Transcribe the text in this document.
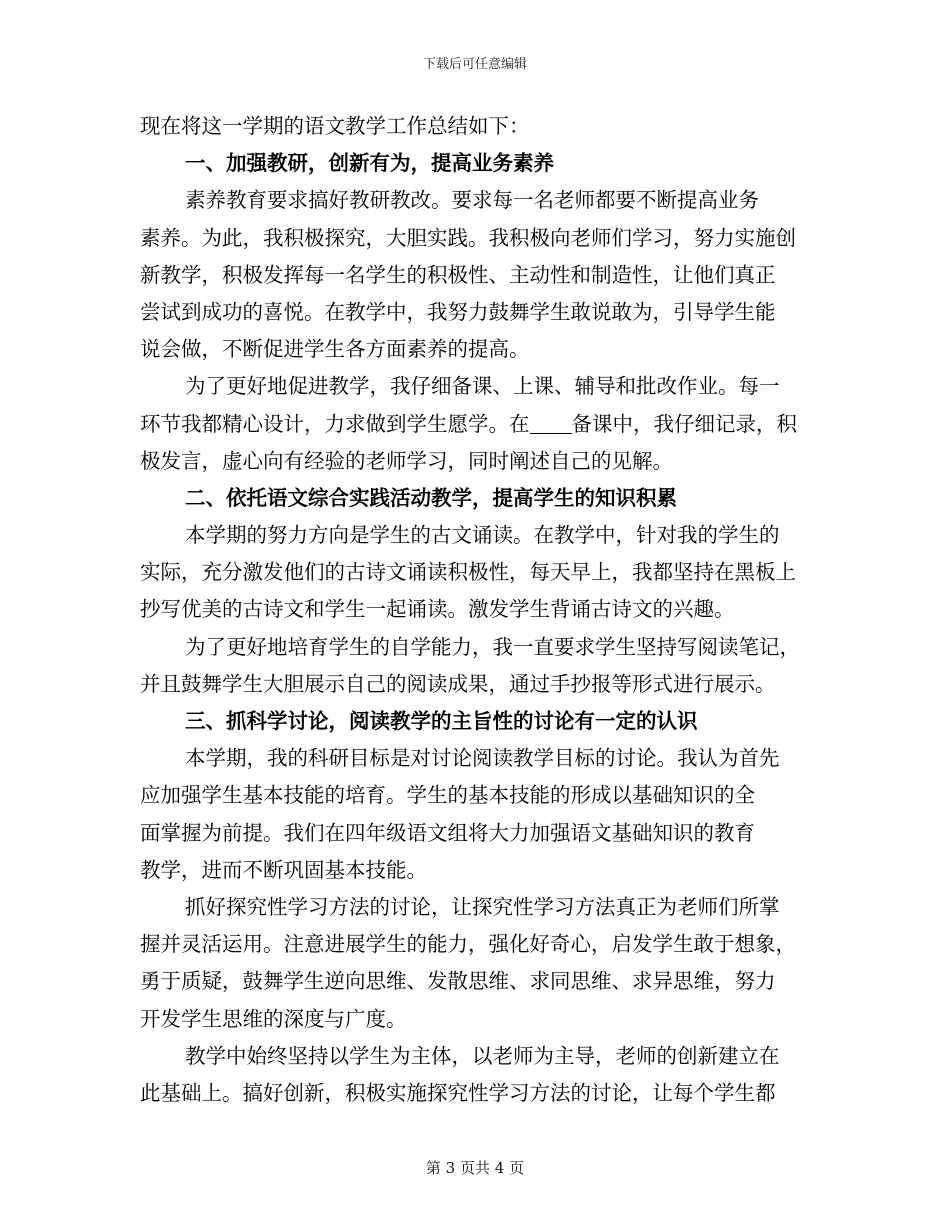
下载后可任意编辑
现在将这一学期的语文教学工作总结如下：
一、加强教研，创新有为，提高业务素养
素养教育要求搞好教研教改。要求每一名老师都要不断提高业务
素养。为此，我积极探究，大胆实践。我积极向老师们学习，努力实施创
新教学，积极发挥每一名学生的积极性、主动性和制造性，让他们真正
尝试到成功的喜悦。在教学中，我努力鼓舞学生敢说敢为，引导学生能
说会做，不断促进学生各方面素养的提高。
为了更好地促进教学，我仔细备课、上课、辅导和批改作业。每一
环节我都精心设计，力求做到学生愿学。在 备课中，我仔细记录，积
极发言，虚心向有经验的老师学习，同时阐述自己的见解。
二、依托语文综合实践活动教学，提高学生的知识积累
本学期的努力方向是学生的古文诵读。在教学中，针对我的学生的
实际，充分激发他们的古诗文诵读积极性，每天早上，我都坚持在黑板上
抄写优美的古诗文和学生一起诵读。激发学生背诵古诗文的兴趣。
为了更好地培育学生的自学能力，我一直要求学生坚持写阅读笔记，
并且鼓舞学生大胆展示自己的阅读成果，通过手抄报等形式进行展示。
三、抓科学讨论，阅读教学的主旨性的讨论有一定的认识
本学期，我的科研目标是对讨论阅读教学目标的讨论。我认为首先
应加强学生基本技能的培育。学生的基本技能的形成以基础知识的全
面掌握为前提。我们在四年级语文组将大力加强语文基础知识的教育
教学，进而不断巩固基本技能。
抓好探究性学习方法的讨论，让探究性学习方法真正为老师们所掌
握并灵活运用。注意进展学生的能力，强化好奇心，启发学生敢于想象，
勇于质疑，鼓舞学生逆向思维、发散思维、求同思维、求异思维，努力
开发学生思维的深度与广度。
教学中始终坚持以学生为主体，以老师为主导，老师的创新建立在
此基础上。搞好创新，积极实施探究性学习方法的讨论，让每个学生都
第 3 页共 4 页
